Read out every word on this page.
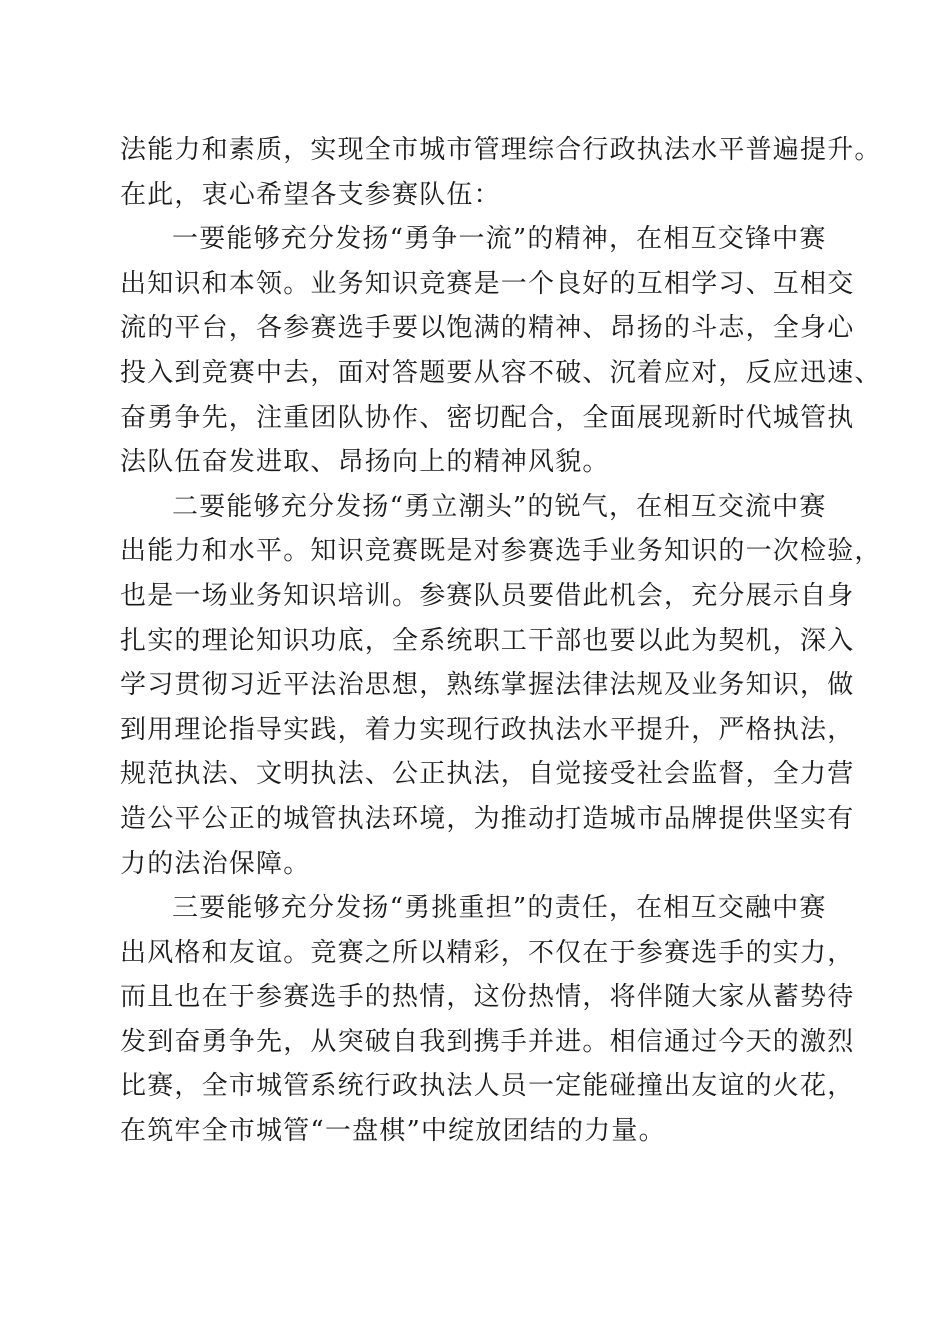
法能力和素质，实现全市城市管理综合行政执法水平普遍提升。
在此，衷心希望各支参赛队伍：
一要能够充分发扬“勇争一流”的精神，在相互交锋中赛
出知识和本领。业务知识竞赛是一个良好的互相学习、互相交
流的平台，各参赛选手要以饱满的精神、昂扬的斗志，全身心
投入到竞赛中去，面对答题要从容不破、沉着应对，反应迅速、
奋勇争先，注重团队协作、密切配合，全面展现新时代城管执
法队伍奋发进取、昂扬向上的精神风貌。
二要能够充分发扬“勇立潮头”的锐气，在相互交流中赛
出能力和水平。知识竞赛既是对参赛选手业务知识的一次检验，
也是一场业务知识培训。参赛队员要借此机会，充分展示自身
扎实的理论知识功底，全系统职工干部也要以此为契机，深入
学习贯彻习近平法治思想，熟练掌握法律法规及业务知识，做
到用理论指导实践，着力实现行政执法水平提升，严格执法，
规范执法、文明执法、公正执法，自觉接受社会监督，全力营
造公平公正的城管执法环境，为推动打造城市品牌提供坚实有
力的法治保障。
三要能够充分发扬“勇挑重担”的责任，在相互交融中赛
出风格和友谊。竞赛之所以精彩，不仅在于参赛选手的实力，
而且也在于参赛选手的热情，这份热情，将伴随大家从蓄势待
发到奋勇争先，从突破自我到携手并进。相信通过今天的激烈
比赛，全市城管系统行政执法人员一定能碰撞出友谊的火花，
在筑牢全市城管“一盘棋”中绽放团结的力量。
